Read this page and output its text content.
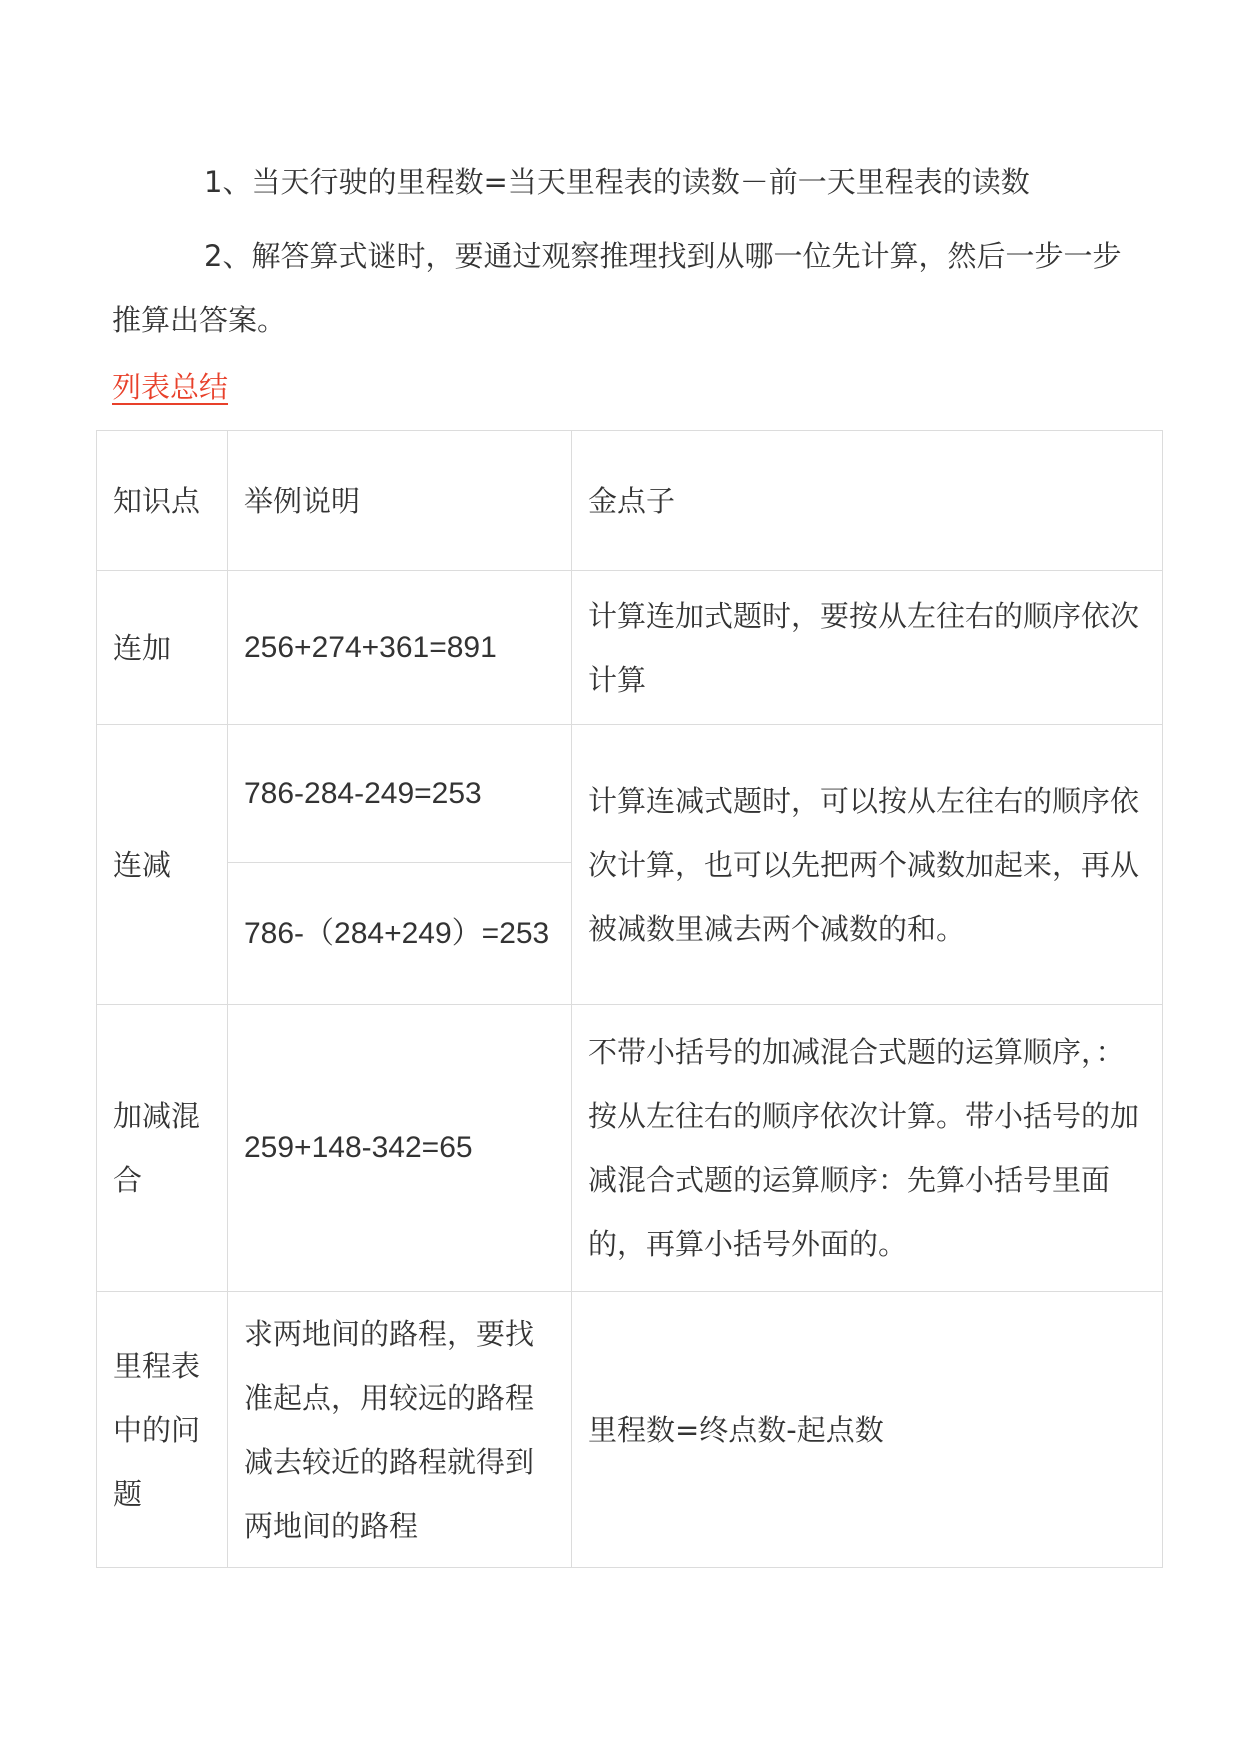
1、当天行驶的里程数=当天里程表的读数－前一天里程表的读数

2、解答算式谜时，要通过观察推理找到从哪一位先计算，然后一步一步推算出答案。

列表总结
知识点	举例说明	金点子
连加	256+274+361=891	计算连加式题时，要按从左往右的顺序依次计算
连减	786-284-249=253	计算连减式题时，可以按从左往右的顺序依次计算，也可以先把两个减数加起来，再从被减数里减去两个减数的和。
	786-（284+249）=253	
加减混合	259+148-342=65	不带小括号的加减混合式题的运算顺序，：按从左往右的顺序依次计算。带小括号的加减混合式题的运算顺序：先算小括号里面的，再算小括号外面的。
里程表中的问题	求两地间的路程，要找准起点，用较远的路程减去较近的路程就得到两地间的路程	里程数=终点数-起点数
